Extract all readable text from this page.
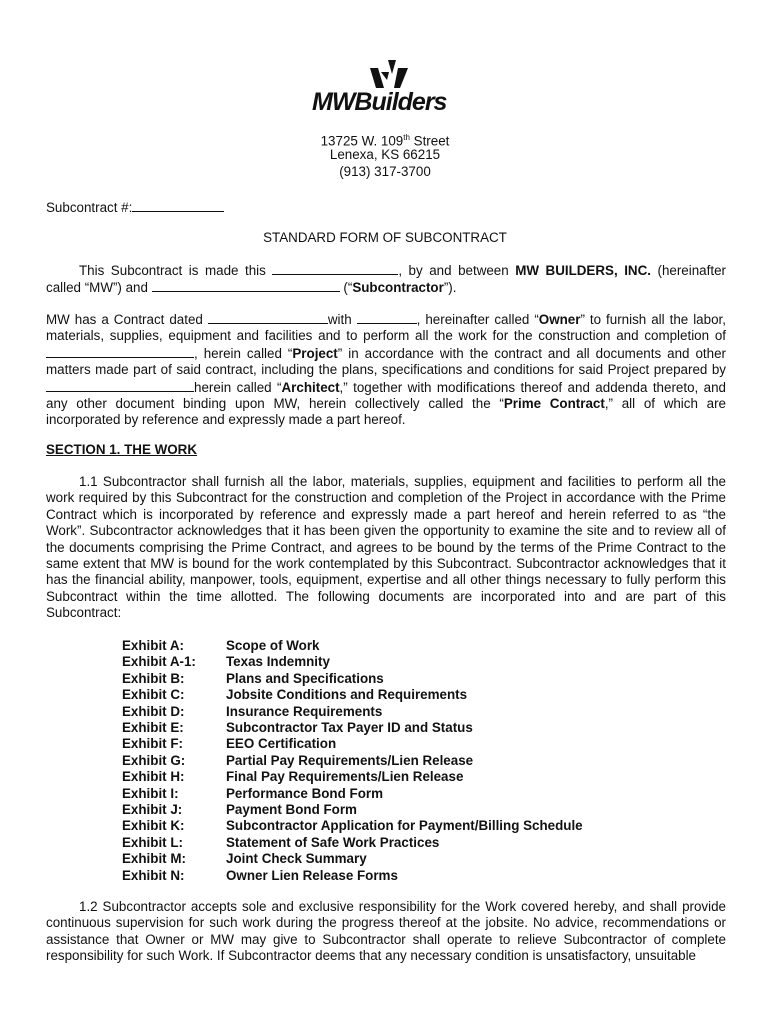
MWBuilders
13725 W. 109th Street
Lenexa, KS 66215
(913) 317-3700
Subcontract #:
STANDARD FORM OF SUBCONTRACT
This Subcontract is made this	, by and between MW BUILDERS, INC. (hereinafter called “MW”) and	(“Subcontractor”).
MW has a Contract dated	with	, hereinafter called “Owner” to furnish all the labor, materials, supplies, equipment and facilities and to perform all the work for the construction and completion of , herein called “Project” in accordance with the contract and all documents and other matters made part of said contract, including the plans, specifications and conditions for said Project prepared by herein called “Architect,” together with modifications thereof and addenda thereto, and any other document binding upon MW, herein collectively called the “Prime Contract,” all of which are incorporated by reference and expressly made a part hereof.
SECTION 1. THE WORK
1.1 Subcontractor shall furnish all the labor, materials, supplies, equipment and facilities to perform all the work required by this Subcontract for the construction and completion of the Project in accordance with the Prime Contract which is incorporated by reference and expressly made a part hereof and herein referred to as “the Work”. Subcontractor acknowledges that it has been given the opportunity to examine the site and to review all of the documents comprising the Prime Contract, and agrees to be bound by the terms of the Prime Contract to the same extent that MW is bound for the work contemplated by this Subcontract. Subcontractor acknowledges that it has the financial ability, manpower, tools, equipment, expertise and all other things necessary to fully perform this Subcontract within the time allotted. The following documents are incorporated into and are part of this Subcontract:
Exhibit A:	Scope of Work
Exhibit A-1:	Texas Indemnity
Exhibit B:	Plans and Specifications
Exhibit C:	Jobsite Conditions and Requirements
Exhibit D:	Insurance Requirements
Exhibit E:	Subcontractor Tax Payer ID and Status
Exhibit F:	EEO Certification
Exhibit G:	Partial Pay Requirements/Lien Release
Exhibit H:	Final Pay Requirements/Lien Release
Exhibit I:	Performance Bond Form
Exhibit J:	Payment Bond Form
Exhibit K:	Subcontractor Application for Payment/Billing Schedule
Exhibit L:	Statement of Safe Work Practices
Exhibit M:	Joint Check Summary
Exhibit N:	Owner Lien Release Forms
1.2 Subcontractor accepts sole and exclusive responsibility for the Work covered hereby, and shall provide continuous supervision for such work during the progress thereof at the jobsite. No advice, recommendations or assistance that Owner or MW may give to Subcontractor shall operate to relieve Subcontractor of complete responsibility for such Work. If Subcontractor deems that any necessary condition is unsatisfactory, unsuitable
